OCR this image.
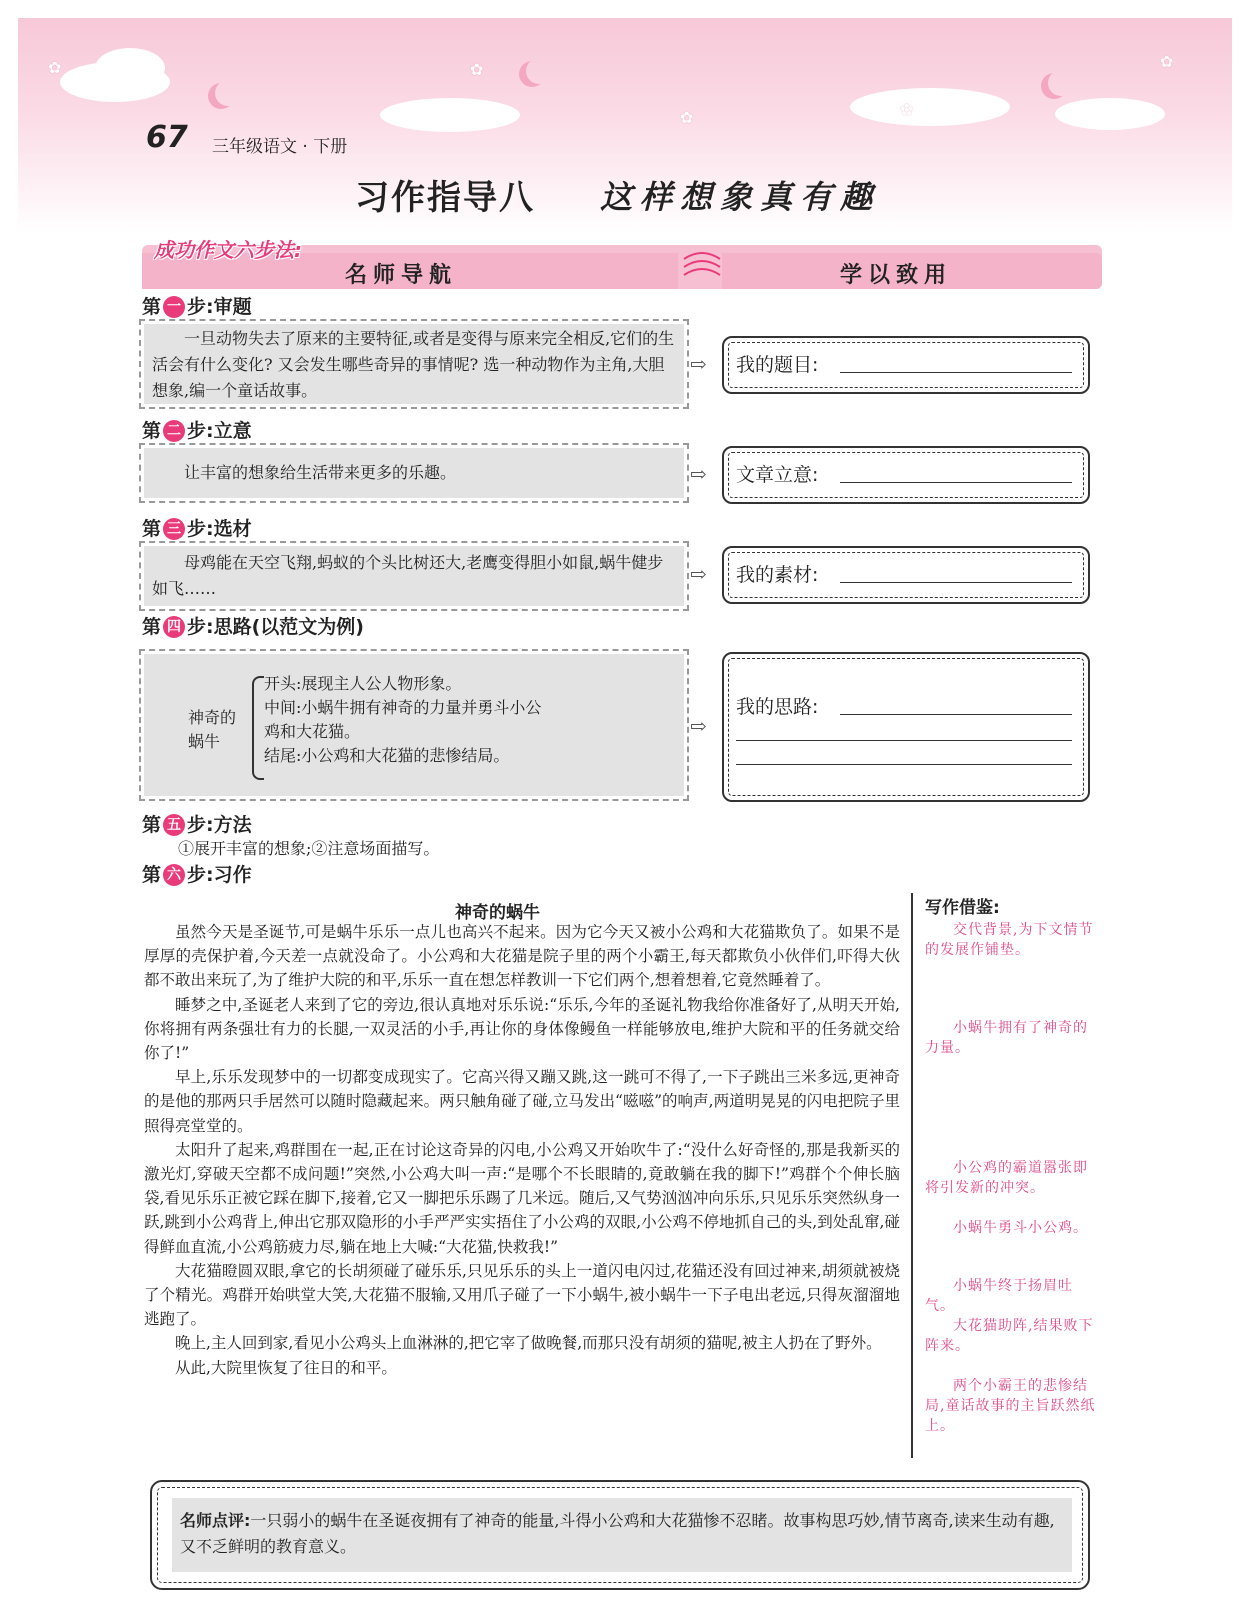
✿	✿
✿	✿
✿
67 三年级语文 · 下册
习作指导八 这样想象真有趣
成功作文六步法:
名师导航	学以致用
第 一 步:审题
一旦动物失去了原来的主要特征,或者是变得与原来完全相反,它们的生活会有什么变化? 又会发生哪些奇异的事情呢? 选一种动物作为主角,大胆想象,编一个童话故事。
⇨ 我的题目:
第 二 步:立意
让丰富的想象给生活带来更多的乐趣。	⇨ 文章立意:
第 三 步:选材
母鸡能在天空飞翔,蚂蚁的个头比树还大,老鹰变得胆小如鼠,蜗牛健步如飞……
⇨ 我的素材:
第 四 步:思路(以范文为例)
神奇的蜗牛
开头:展现主人公人物形象。
中间:小蜗牛拥有神奇的力量并勇斗小公鸡和大花猫。
结尾:小公鸡和大花猫的悲惨结局。
⇨
我的思路:
第 五 步:方法
①展开丰富的想象;②注意场面描写。
第 六 步:习作
神奇的蜗牛

虽然今天是圣诞节,可是蜗牛乐乐一点儿也高兴不起来。因为它今天又被小公鸡和大花猫欺负了。如果不是厚厚的壳保护着,今天差一点就没命了。小公鸡和大花猫是院子里的两个小霸王,每天都欺负小伙伴们,吓得大伙都不敢出来玩了,为了维护大院的和平,乐乐一直在想怎样教训一下它们两个,想着想着,它竟然睡着了。

睡梦之中,圣诞老人来到了它的旁边,很认真地对乐乐说:“乐乐,今年的圣诞礼物我给你准备好了,从明天开始,你将拥有两条强壮有力的长腿,一双灵活的小手,再让你的身体像鳗鱼一样能够放电,维护大院和平的任务就交给你了!”

早上,乐乐发现梦中的一切都变成现实了。它高兴得又蹦又跳,这一跳可不得了,一下子跳出三米多远,更神奇的是他的那两只手居然可以随时隐藏起来。两只触角碰了碰,立马发出“嗞嗞”的响声,两道明晃晃的闪电把院子里照得亮堂堂的。

太阳升了起来,鸡群围在一起,正在讨论这奇异的闪电,小公鸡又开始吹牛了:“没什么好奇怪的,那是我新买的激光灯,穿破天空都不成问题!”突然,小公鸡大叫一声:“是哪个不长眼睛的,竟敢躺在我的脚下!”鸡群个个伸长脑袋,看见乐乐正被它踩在脚下,接着,它又一脚把乐乐踢了几米远。随后,又气势汹汹冲向乐乐,只见乐乐突然纵身一跃,跳到小公鸡背上,伸出它那双隐形的小手严严实实捂住了小公鸡的双眼,小公鸡不停地抓自己的头,到处乱窜,碰得鲜血直流,小公鸡筋疲力尽,躺在地上大喊:“大花猫,快救我!”

大花猫瞪圆双眼,拿它的长胡须碰了碰乐乐,只见乐乐的头上一道闪电闪过,花猫还没有回过神来,胡须就被烧了个精光。鸡群开始哄堂大笑,大花猫不服输,又用爪子碰了一下小蜗牛,被小蜗牛一下子电出老远,只得灰溜溜地逃跑了。

晚上,主人回到家,看见小公鸡头上血淋淋的,把它宰了做晚餐,而那只没有胡须的猫呢,被主人扔在了野外。

从此,大院里恢复了往日的和平。

写作借鉴:
交代背景,为下文情节的发展作铺垫。
小蜗牛拥有了神奇的力量。
小公鸡的霸道嚣张即将引发新的冲突。
小蜗牛勇斗小公鸡。
小蜗牛终于扬眉吐气。
大花猫助阵,结果败下阵来。
两个小霸王的悲惨结局,童话故事的主旨跃然纸上。
名师点评:一只弱小的蜗牛在圣诞夜拥有了神奇的能量,斗得小公鸡和大花猫惨不忍睹。故事构思巧妙,情节离奇,读来生动有趣,又不乏鲜明的教育意义。
